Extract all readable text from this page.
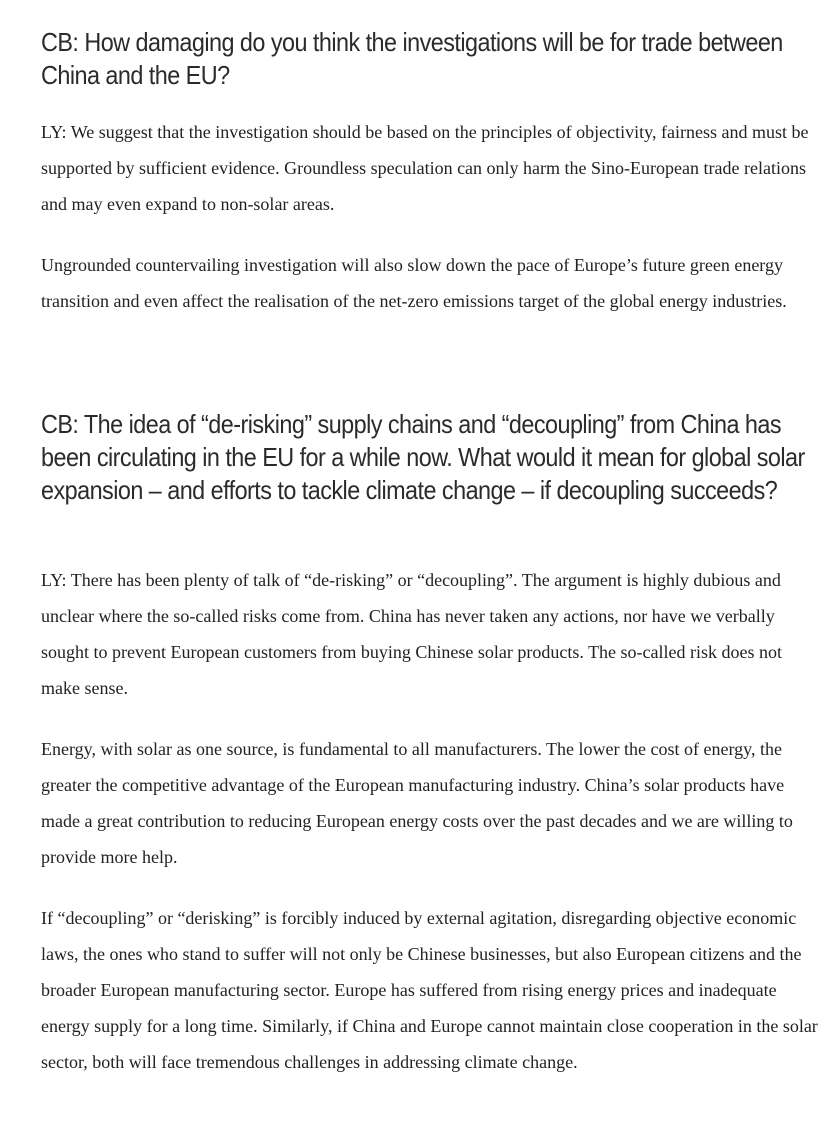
CB: How damaging do you think the investigations will be for trade between China and the EU?

LY: We suggest that the investigation should be based on the principles of objectivity, fairness and must be supported by sufficient evidence. Groundless speculation can only harm the Sino-European trade relations and may even expand to non-solar areas.

Ungrounded countervailing investigation will also slow down the pace of Europe’s future green energy transition and even affect the realisation of the net-zero emissions target of the global energy industries.

CB: The idea of “de-risking” supply chains and “decoupling” from China has been circulating in the EU for a while now. What would it mean for global solar expansion – and efforts to tackle climate change – if decoupling succeeds?

LY: There has been plenty of talk of “de-risking” or “decoupling”. The argument is highly dubious and unclear where the so-called risks come from. China has never taken any actions, nor have we verbally sought to prevent European customers from buying Chinese solar products. The so-called risk does not make sense.

Energy, with solar as one source, is fundamental to all manufacturers. The lower the cost of energy, the greater the competitive advantage of the European manufacturing industry. China’s solar products have made a great contribution to reducing European energy costs over the past decades and we are willing to provide more help.

If “decoupling” or “derisking” is forcibly induced by external agitation, disregarding objective economic laws, the ones who stand to suffer will not only be Chinese businesses, but also European citizens and the broader European manufacturing sector. Europe has suffered from rising energy prices and inadequate energy supply for a long time. Similarly, if China and Europe cannot maintain close cooperation in the solar sector, both will face tremendous challenges in addressing climate change.
